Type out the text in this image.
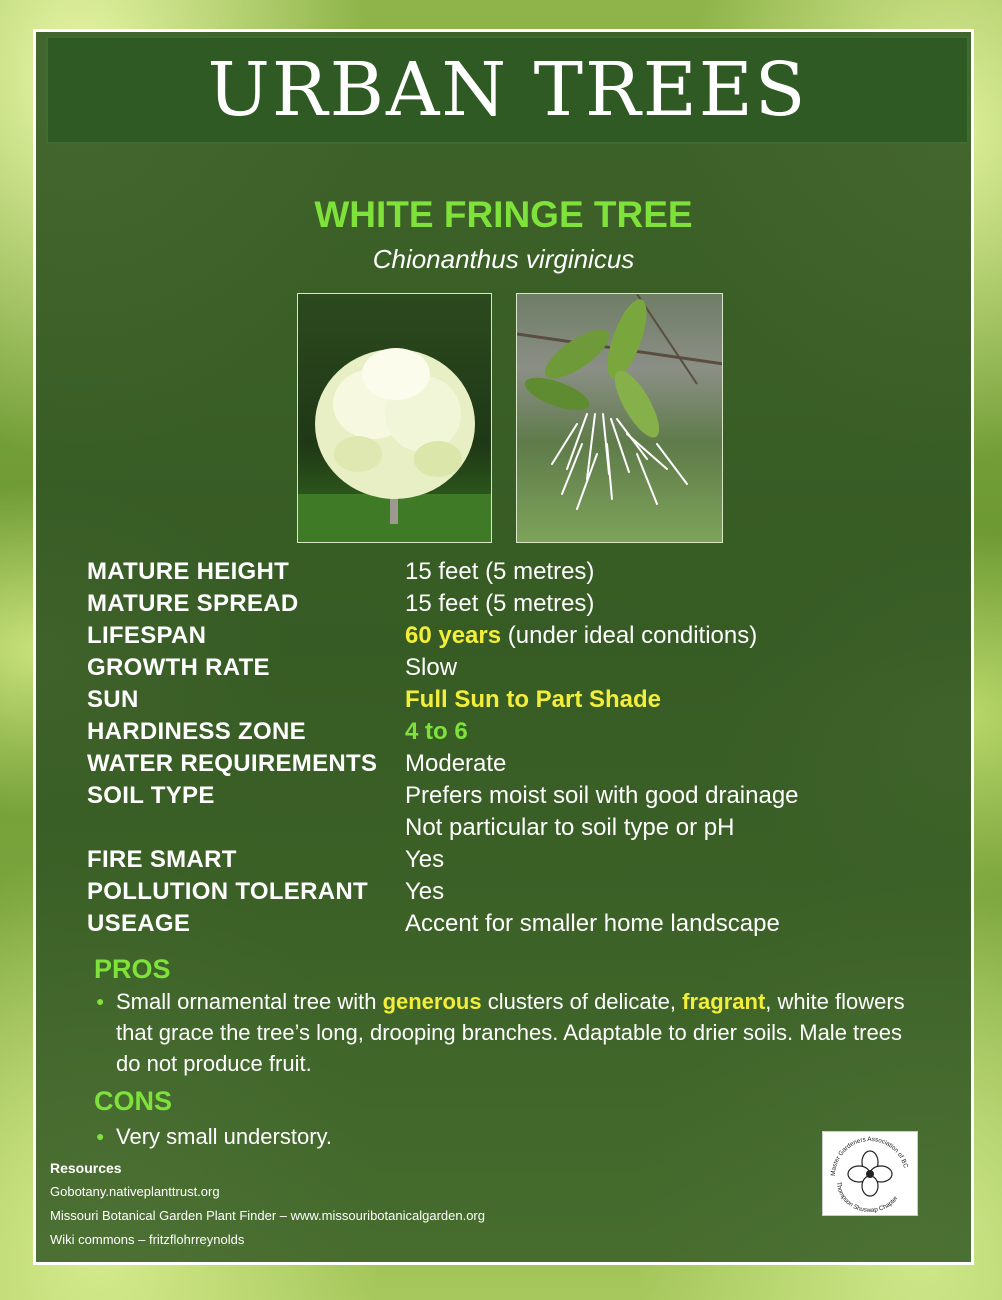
URBAN TREES
WHITE FRINGE TREE
Chionanthus virginicus
MATURE HEIGHT	15 feet (5 metres)
MATURE SPREAD	15 feet (5 metres)
LIFESPAN	60 years (under ideal conditions)
GROWTH RATE	Slow
SUN	Full Sun to Part Shade
HARDINESS ZONE	4 to 6
WATER REQUIREMENTS	Moderate
SOIL TYPE	Prefers moist soil with good drainage
Not particular to soil type or pH
FIRE SMART	Yes
POLLUTION TOLERANT	Yes
USEAGE	Accent for smaller home landscape
PROS
● Small ornamental tree with generous clusters of delicate, fragrant, white flowers that grace the tree’s long, drooping branches. Adaptable to drier soils. Male trees do not produce fruit.
CONS
● Very small understory.
Resources
Gobotany.nativeplanttrust.org
Missouri Botanical Garden Plant Finder – www.missouribotanicalgarden.org
Wiki commons – fritzflohrreynolds
Master Gardeners Association of BC
Thompson Shuswap Chapter
